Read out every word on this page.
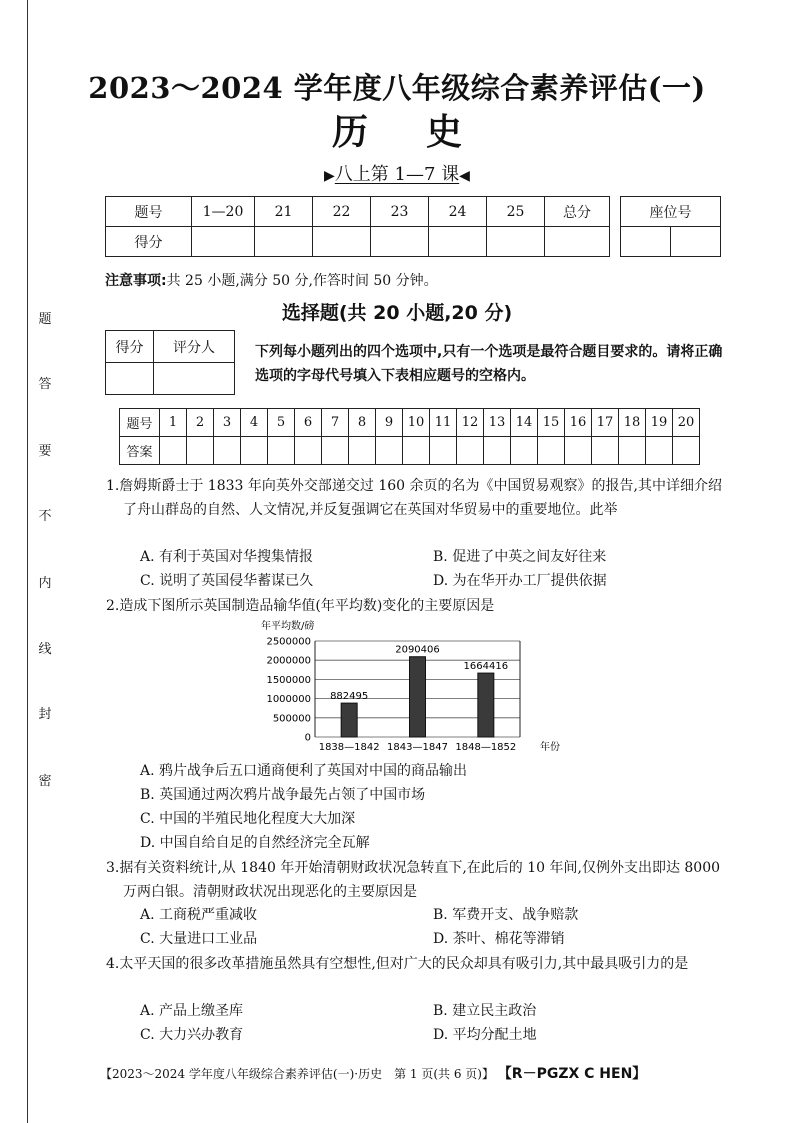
题
答
要
不
内
线
封
密
2023～2024 学年度八年级综合素养评估(一)
历史
▶八上第 1—7 课◀
题号	1—20	21	22	23	24	25	总分
得分							
座位号

注意事项:共 25 小题,满分 50 分,作答时间 50 分钟。
选择题(共 20 小题,20 分)
得分	评分人
		下列每小题列出的四个选项中,只有一个选项是最符合题目要求的。请将正确选项的字母代号填入下表相应题号的空格内。
题号	1	2	3	4	5	6	7	8	9	10	11	12	13	14	15	16	17	18	19	20
答案																				
1.詹姆斯爵士于 1833 年向英外交部递交过 160 余页的名为《中国贸易观察》的报告,其中详细介绍了舟山群岛的自然、人文情况,并反复强调它在英国对华贸易中的重要地位。此举
A. 有利于英国对华搜集情报	B. 促进了中英之间友好往来
C. 说明了英国侵华蓄谋已久	D. 为在华开办工厂提供依据
2.造成下图所示英国制造品输华值(年平均数)变化的主要原因是
年平均数/磅
0
500000
1000000
1500000
2000000
2500000
882495
2090406
1664416
1838—1842 1843—1847 1848—1852 年份
A. 鸦片战争后五口通商便利了英国对中国的商品输出
B. 英国通过两次鸦片战争最先占领了中国市场
C. 中国的半殖民地化程度大大加深
D. 中国自给自足的自然经济完全瓦解
3.据有关资料统计,从 1840 年开始清朝财政状况急转直下,在此后的 10 年间,仅例外支出即达 8000 万两白银。清朝财政状况出现恶化的主要原因是
A. 工商税严重减收	B. 军费开支、战争赔款
C. 大量进口工业品	D. 茶叶、棉花等滞销
4.太平天国的很多改革措施虽然具有空想性,但对广大的民众却具有吸引力,其中最具吸引力的是
A. 产品上缴圣库	B. 建立民主政治
C. 大力兴办教育	D. 平均分配土地
【2023～2024 学年度八年级综合素养评估(一)·历史　第 1 页(共 6 页)】 【R－PGZX C HEN】
